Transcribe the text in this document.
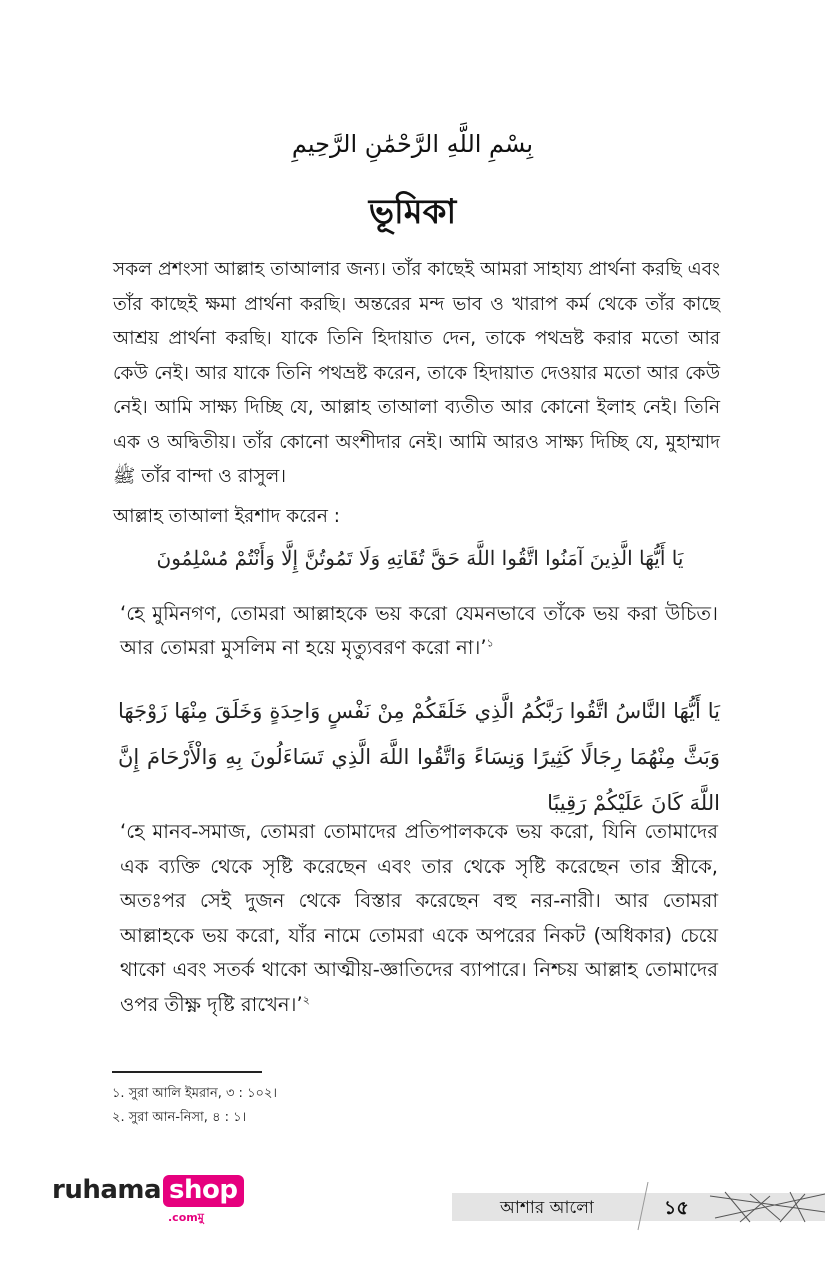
بِسْمِ اللَّهِ الرَّحْمَٰنِ الرَّحِيمِ
ভূমিকা
সকল প্রশংসা আল্লাহ তাআলার জন্য। তাঁর কাছেই আমরা সাহায্য প্রার্থনা করছি এবং তাঁর কাছেই ক্ষমা প্রার্থনা করছি। অন্তরের মন্দ ভাব ও খারাপ কর্ম থেকে তাঁর কাছে আশ্রয় প্রার্থনা করছি। যাকে তিনি হিদায়াত দেন, তাকে পথভ্রষ্ট করার মতো আর কেউ নেই। আর যাকে তিনি পথভ্রষ্ট করেন, তাকে হিদায়াত দেওয়ার মতো আর কেউ নেই। আমি সাক্ষ্য দিচ্ছি যে, আল্লাহ তাআলা ব্যতীত আর কোনো ইলাহ নেই। তিনি এক ও অদ্বিতীয়। তাঁর কোনো অংশীদার নেই। আমি আরও সাক্ষ্য দিচ্ছি যে, মুহাম্মাদ ﷺ তাঁর বান্দা ও রাসুল।
আল্লাহ তাআলা ইরশাদ করেন :
يَا أَيُّهَا الَّذِينَ آمَنُوا اتَّقُوا اللَّهَ حَقَّ تُقَاتِهِ وَلَا تَمُوتُنَّ إِلَّا وَأَنْتُمْ مُسْلِمُونَ
‘হে মুমিনগণ, তোমরা আল্লাহকে ভয় করো যেমনভাবে তাঁকে ভয় করা উচিত। আর তোমরা মুসলিম না হয়ে মৃত্যুবরণ করো না।’$^১$
يَا أَيُّهَا النَّاسُ اتَّقُوا رَبَّكُمُ الَّذِي خَلَقَكُمْ مِنْ نَفْسٍ وَاحِدَةٍ وَخَلَقَ مِنْهَا زَوْجَهَا وَبَثَّ مِنْهُمَا رِجَالًا كَثِيرًا وَنِسَاءً وَاتَّقُوا اللَّهَ الَّذِي تَسَاءَلُونَ بِهِ وَالْأَرْحَامَ إِنَّ اللَّهَ كَانَ عَلَيْكُمْ رَقِيبًا
‘হে মানব-সমাজ, তোমরা তোমাদের প্রতিপালককে ভয় করো, যিনি তোমাদের এক ব্যক্তি থেকে সৃষ্টি করেছেন এবং তার থেকে সৃষ্টি করেছেন তার স্ত্রীকে, অতঃপর সেই দুজন থেকে বিস্তার করেছেন বহু নর-নারী। আর তোমরা আল্লাহকে ভয় করো, যাঁর নামে তোমরা একে অপরের নিকট (অধিকার) চেয়ে থাকো এবং সতর্ক থাকো আত্মীয়-জ্ঞাতিদের ব্যাপারে। নিশ্চয় আল্লাহ তোমাদের ওপর তীক্ষ্ণ দৃষ্টি রাখেন।’$^২$
১. সুরা আলি ইমরান, ৩ : ১০২।
২. সুরা আন-নিসা, ৪ : ১।
ruhama shop
.comমু	আশার আলো	১৫
